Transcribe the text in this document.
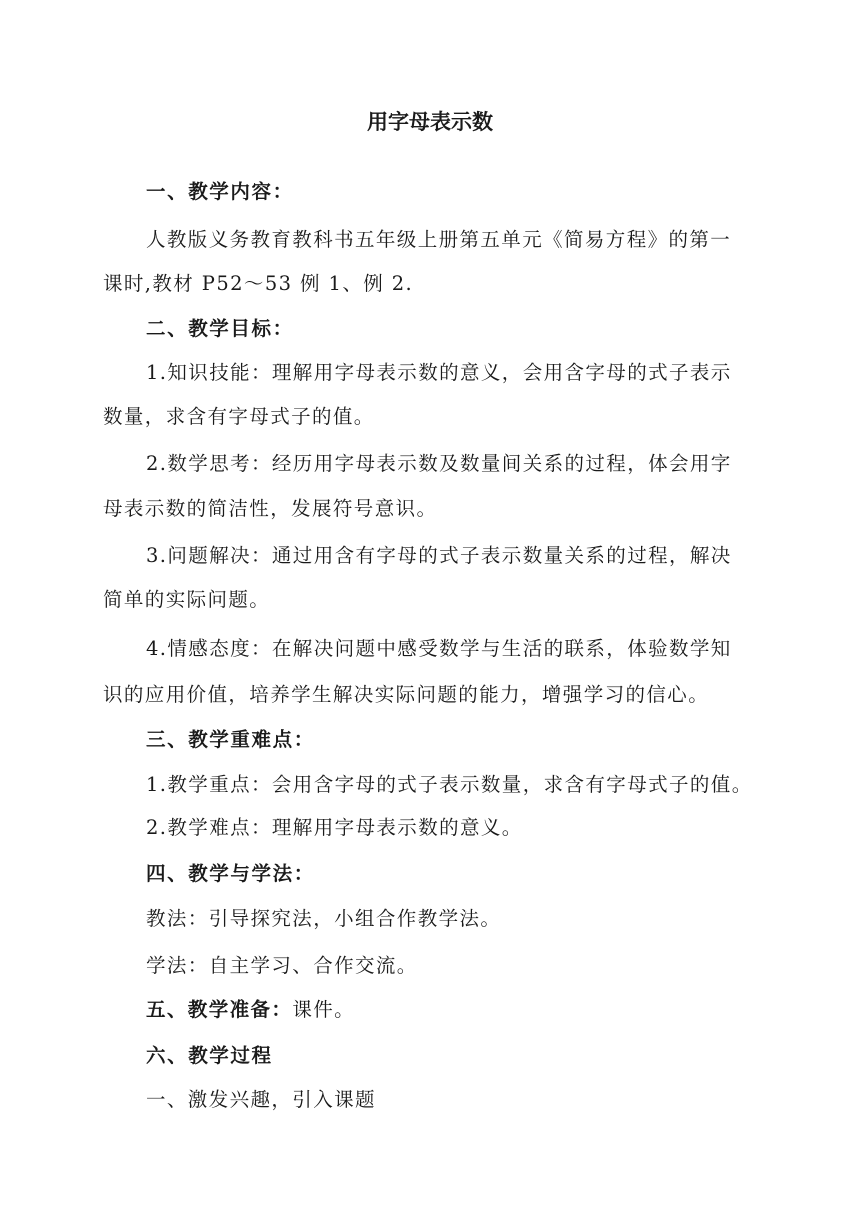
用字母表示数
一、教学内容：
人教版义务教育教科书五年级上册第五单元《简易方程》的第一
课时,教材 P52～53 例 1、例 2.
二、教学目标：
1.知识技能：理解用字母表示数的意义，会用含字母的式子表示
数量，求含有字母式子的值。
2.数学思考：经历用字母表示数及数量间关系的过程，体会用字
母表示数的简洁性，发展符号意识。
3.问题解决：通过用含有字母的式子表示数量关系的过程，解决
简单的实际问题。
4.情感态度：在解决问题中感受数学与生活的联系，体验数学知
识的应用价值，培养学生解决实际问题的能力，增强学习的信心。
三、教学重难点：
1.教学重点：会用含字母的式子表示数量，求含有字母式子的值。
2.教学难点：理解用字母表示数的意义。
四、教学与学法：
教法：引导探究法，小组合作教学法。
学法：自主学习、合作交流。
五、教学准备：课件。
六、教学过程
一、激发兴趣，引入课题
